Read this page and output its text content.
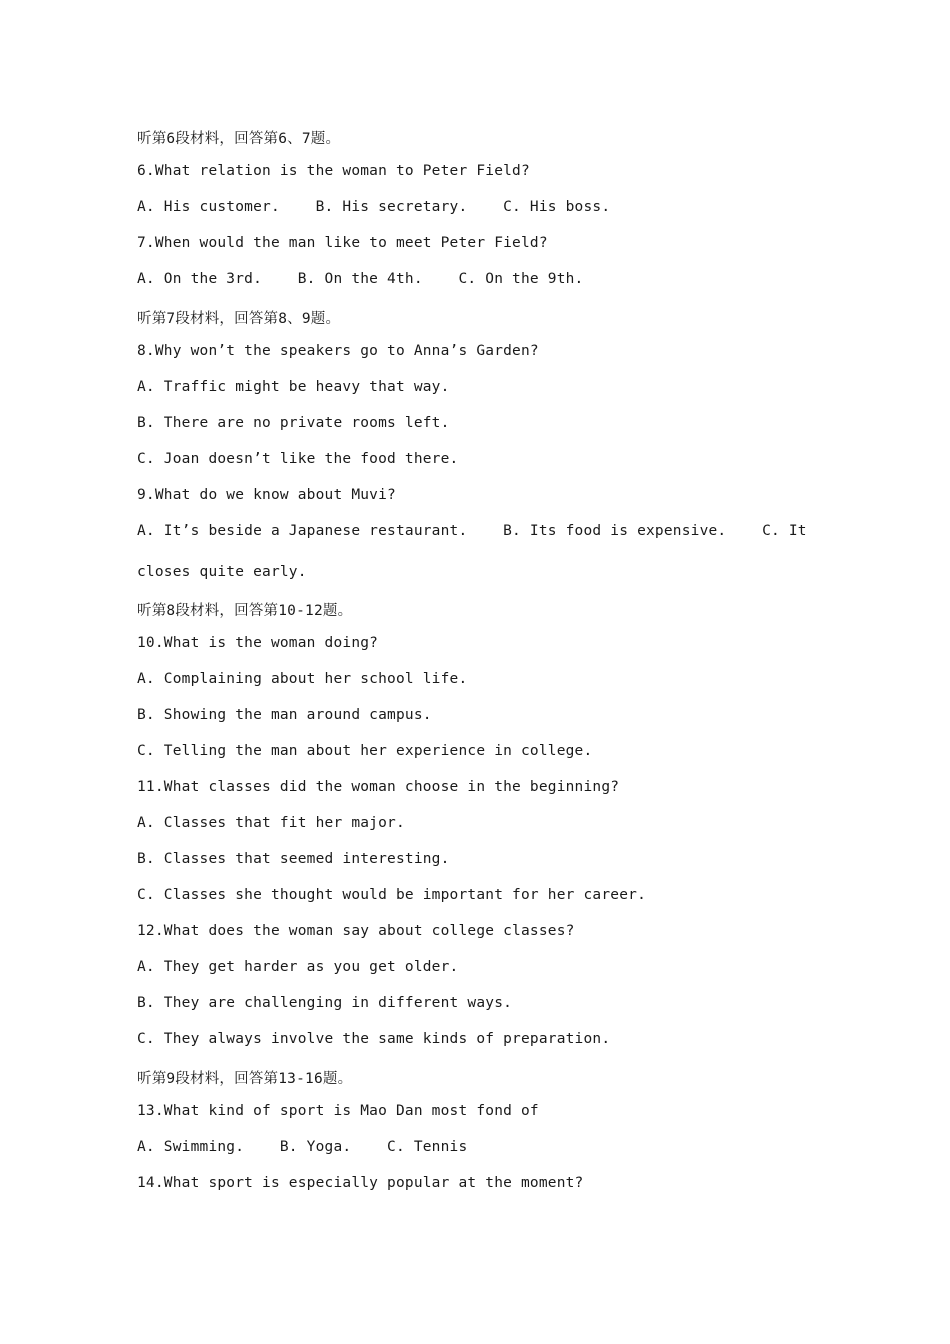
听第6段材料，回答第6、7题。
6.What relation is the woman to Peter Field?
A. His customer.    B. His secretary.    C. His boss.
7.When would the man like to meet Peter Field?
A. On the 3rd.    B. On the 4th.    C. On the 9th.
听第7段材料，回答第8、9题。
8.Why won’t the speakers go to Anna’s Garden?
A. Traffic might be heavy that way.
B. There are no private rooms left.
C. Joan doesn’t like the food there.
9.What do we know about Muvi?
A. It’s beside a Japanese restaurant.    B. Its food is expensive.    C. It
closes quite early.
听第8段材料，回答第10-12题。
10.What is the woman doing?
A. Complaining about her school life.
B. Showing the man around campus.
C. Telling the man about her experience in college.
11.What classes did the woman choose in the beginning?
A. Classes that fit her major.
B. Classes that seemed interesting.
C. Classes she thought would be important for her career.
12.What does the woman say about college classes?
A. They get harder as you get older.
B. They are challenging in different ways.
C. They always involve the same kinds of preparation.
听第9段材料，回答第13-16题。
13.What kind of sport is Mao Dan most fond of
A. Swimming.    B. Yoga.    C. Tennis
14.What sport is especially popular at the moment?
